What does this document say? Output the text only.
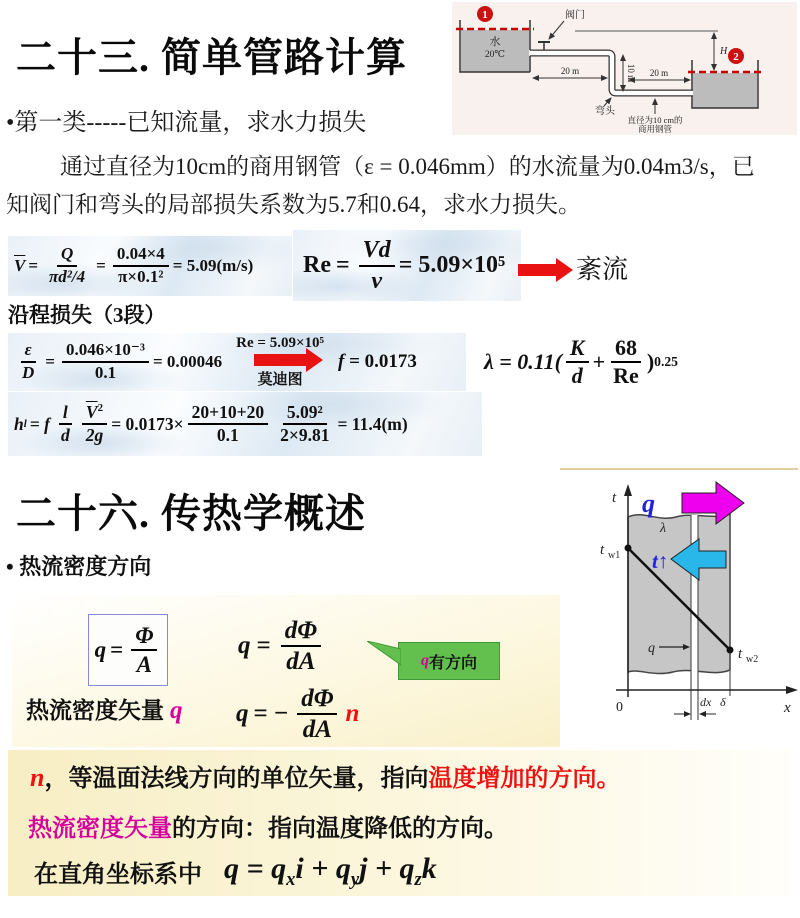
二十三. 简单管路计算
1
水
20℃
阀门
2
H
20 m	10 m 20 m
弯头
直径为10 cm的
商用钢管
•第一类-----已知流量，求水力损失
通过直径为10cm的商用钢管（ε = 0.046mm）的水流量为0.04m3/s，已
知阀门和弯头的局部损失系数为5.7和0.64，求水力损失。
$\overline{V} = \frac{Q}{\text{πd²/4}} = \frac{0.04\times 4}{\text{π×0.1²}} = 5.09(m/s) Re = \frac{Vd}{\nu} = 5.09\times 10^5$	紊流
沿程损失（3段）
$\frac{\varepsilon}{D} = \frac{\text{0.046×10⁻³}}{0.1} = 0.00046$
Re = 5.09×10⁵
莫迪图
f = 0.0173	$\lambda = 0.11( \frac{K}{d} + \frac{68}{Re}$ ) 0.25
h l = f $\frac{l}{d} \frac{\overline{V}^2}{2g} = 0.0173\times \frac{20+10+20}{0.1} \frac{\text{5.09²}}{2\times 9.81} = 11.4(m)$
二十六. 传热学概述	t
x
0
t w1
t w2
λ
q
t↑
q
dx δ
• 热流密度方向
$q = \frac{\Phi}{A}$	$q = \frac{d\Phi}{dA}$	q 有方向
热流密度矢量 q q = − $\frac{d\Phi}{dA}$ n
n ，等温面法线方向的单位矢量，指向 温度增加的方向。
热流密度矢量 的方向：指向温度降低的方向。
在直角坐标系中 $q = q_xi + q_yj + q_zk$
